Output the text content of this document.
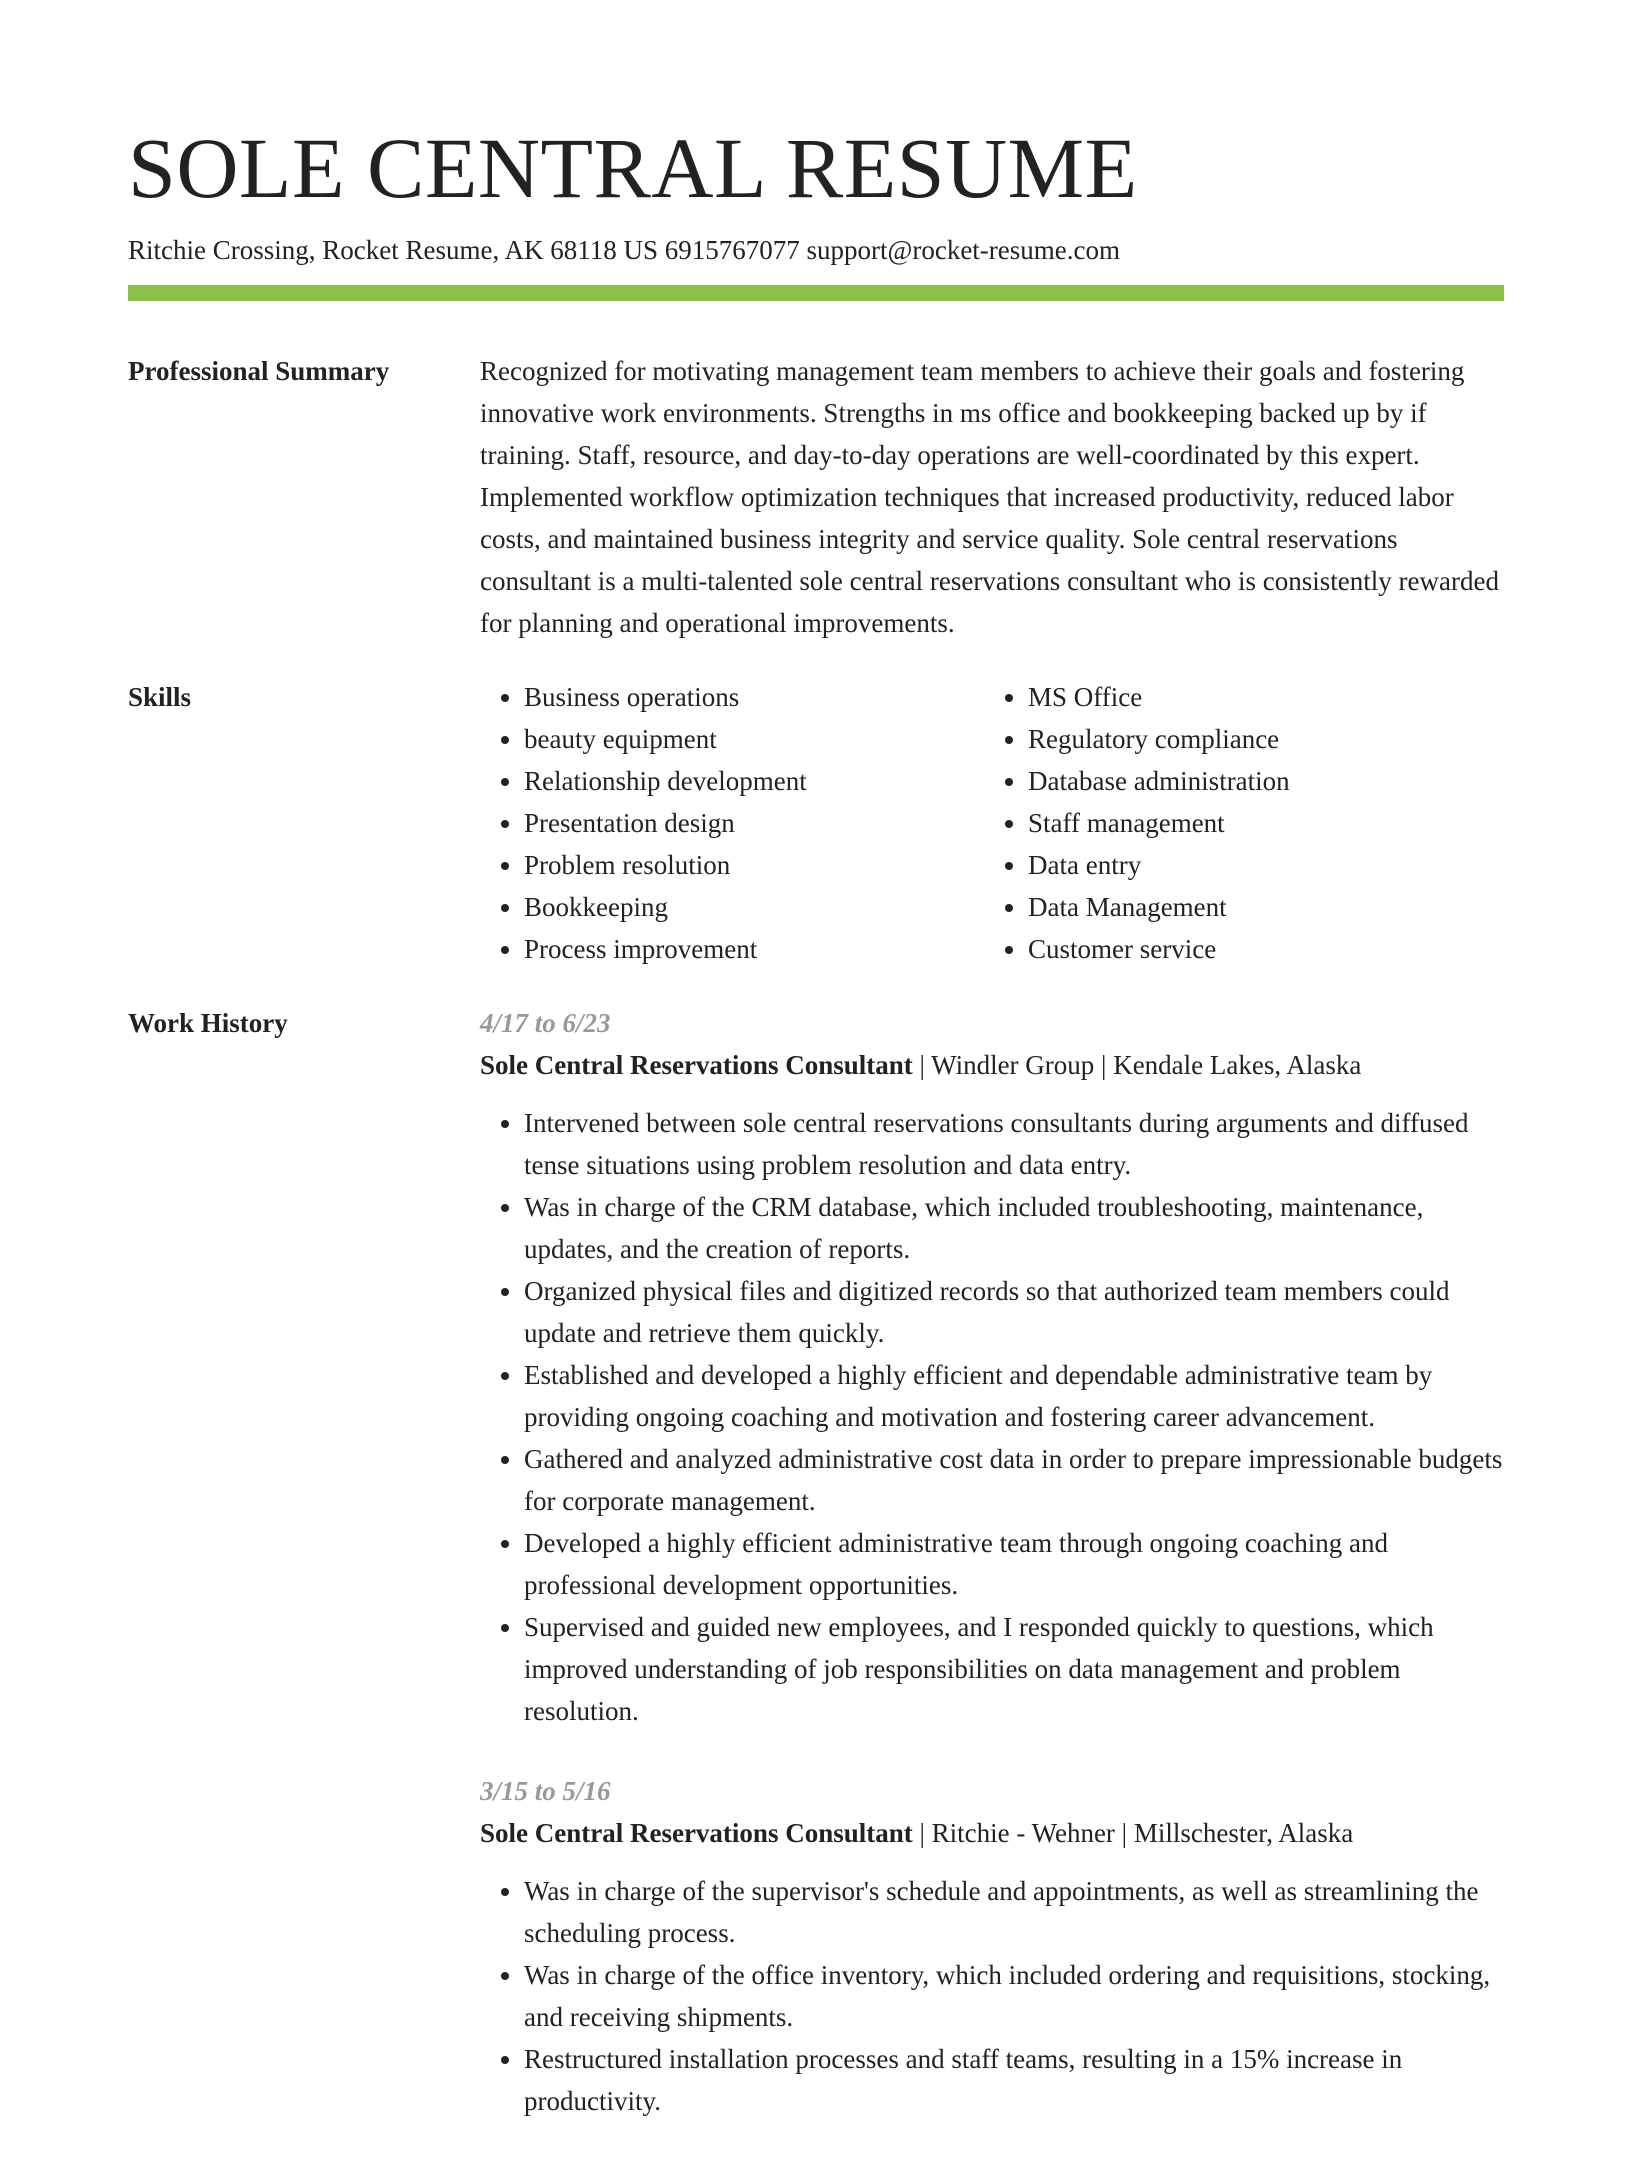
SOLE CENTRAL RESUME
Ritchie Crossing, Rocket Resume, AK 68118 US 6915767077 support@rocket-resume.com
Professional Summary	Recognized for motivating management team members to achieve their goals and fostering innovative work environments. Strengths in ms office and bookkeeping backed up by if training. Staff, resource, and day-to-day operations are well-coordinated by this expert. Implemented workflow optimization techniques that increased productivity, reduced labor costs, and maintained business integrity and service quality. Sole central reservations consultant is a multi-talented sole central reservations consultant who is consistently rewarded for planning and operational improvements.

Skills
•	Business operations
• beauty equipment
• Relationship development
• Presentation design
• Problem resolution
• Bookkeeping
• Process improvement
• MS Office
• Regulatory compliance
• Database administration
• Staff management
• Data entry
• Data Management
• Customer service
Work History	4/17 to 6/23
Sole Central Reservations Consultant | Windler Group | Kendale Lakes, Alaska
• Intervened between sole central reservations consultants during arguments and diffused tense situations using problem resolution and data entry.
• Was in charge of the CRM database, which included troubleshooting, maintenance, updates, and the creation of reports.
• Organized physical files and digitized records so that authorized team members could update and retrieve them quickly.
• Established and developed a highly efficient and dependable administrative team by providing ongoing coaching and motivation and fostering career advancement.
• Gathered and analyzed administrative cost data in order to prepare impressionable budgets for corporate management.
• Developed a highly efficient administrative team through ongoing coaching and professional development opportunities.
• Supervised and guided new employees, and I responded quickly to questions, which improved understanding of job responsibilities on data management and problem resolution.
3/15 to 5/16
Sole Central Reservations Consultant | Ritchie - Wehner | Millschester, Alaska
• Was in charge of the supervisor's schedule and appointments, as well as streamlining the scheduling process.
• Was in charge of the office inventory, which included ordering and requisitions, stocking, and receiving shipments.
• Restructured installation processes and staff teams, resulting in a 15% increase in productivity.
